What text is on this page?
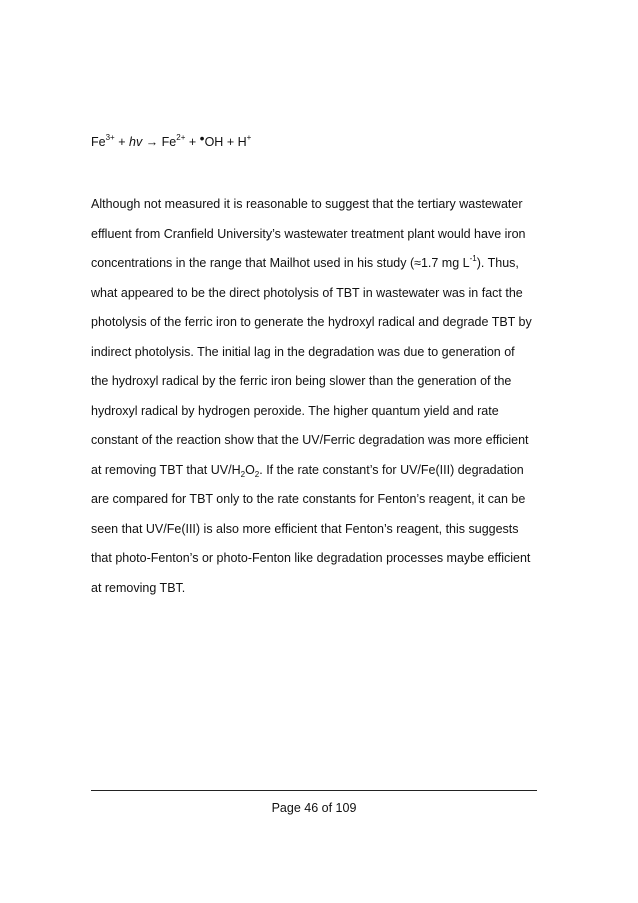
$Fe^{3+}$ + hv → $Fe^{2+}$ + •OH + H+
Although not measured it is reasonable to suggest that the tertiary wastewater
effluent from Cranfield University’s wastewater treatment plant would have iron
concentrations in the range that Mailhot used in his study (≈1.7 mg $L^{-1}$). Thus,
what appeared to be the direct photolysis of TBT in wastewater was in fact the
photolysis of the ferric iron to generate the hydroxyl radical and degrade TBT by
indirect photolysis. The initial lag in the degradation was due to generation of
the hydroxyl radical by the ferric iron being slower than the generation of the
hydroxyl radical by hydrogen peroxide. The higher quantum yield and rate
constant of the reaction show that the UV/Ferric degradation was more efficient
at removing TBT that $UV/H_2O_2$. If the rate constant’s for UV/Fe(III) degradation
are compared for TBT only to the rate constants for Fenton’s reagent, it can be
seen that UV/Fe(III) is also more efficient that Fenton’s reagent, this suggests
that photo-Fenton’s or photo-Fenton like degradation processes maybe efficient
at removing TBT.
Page 46 of 109
